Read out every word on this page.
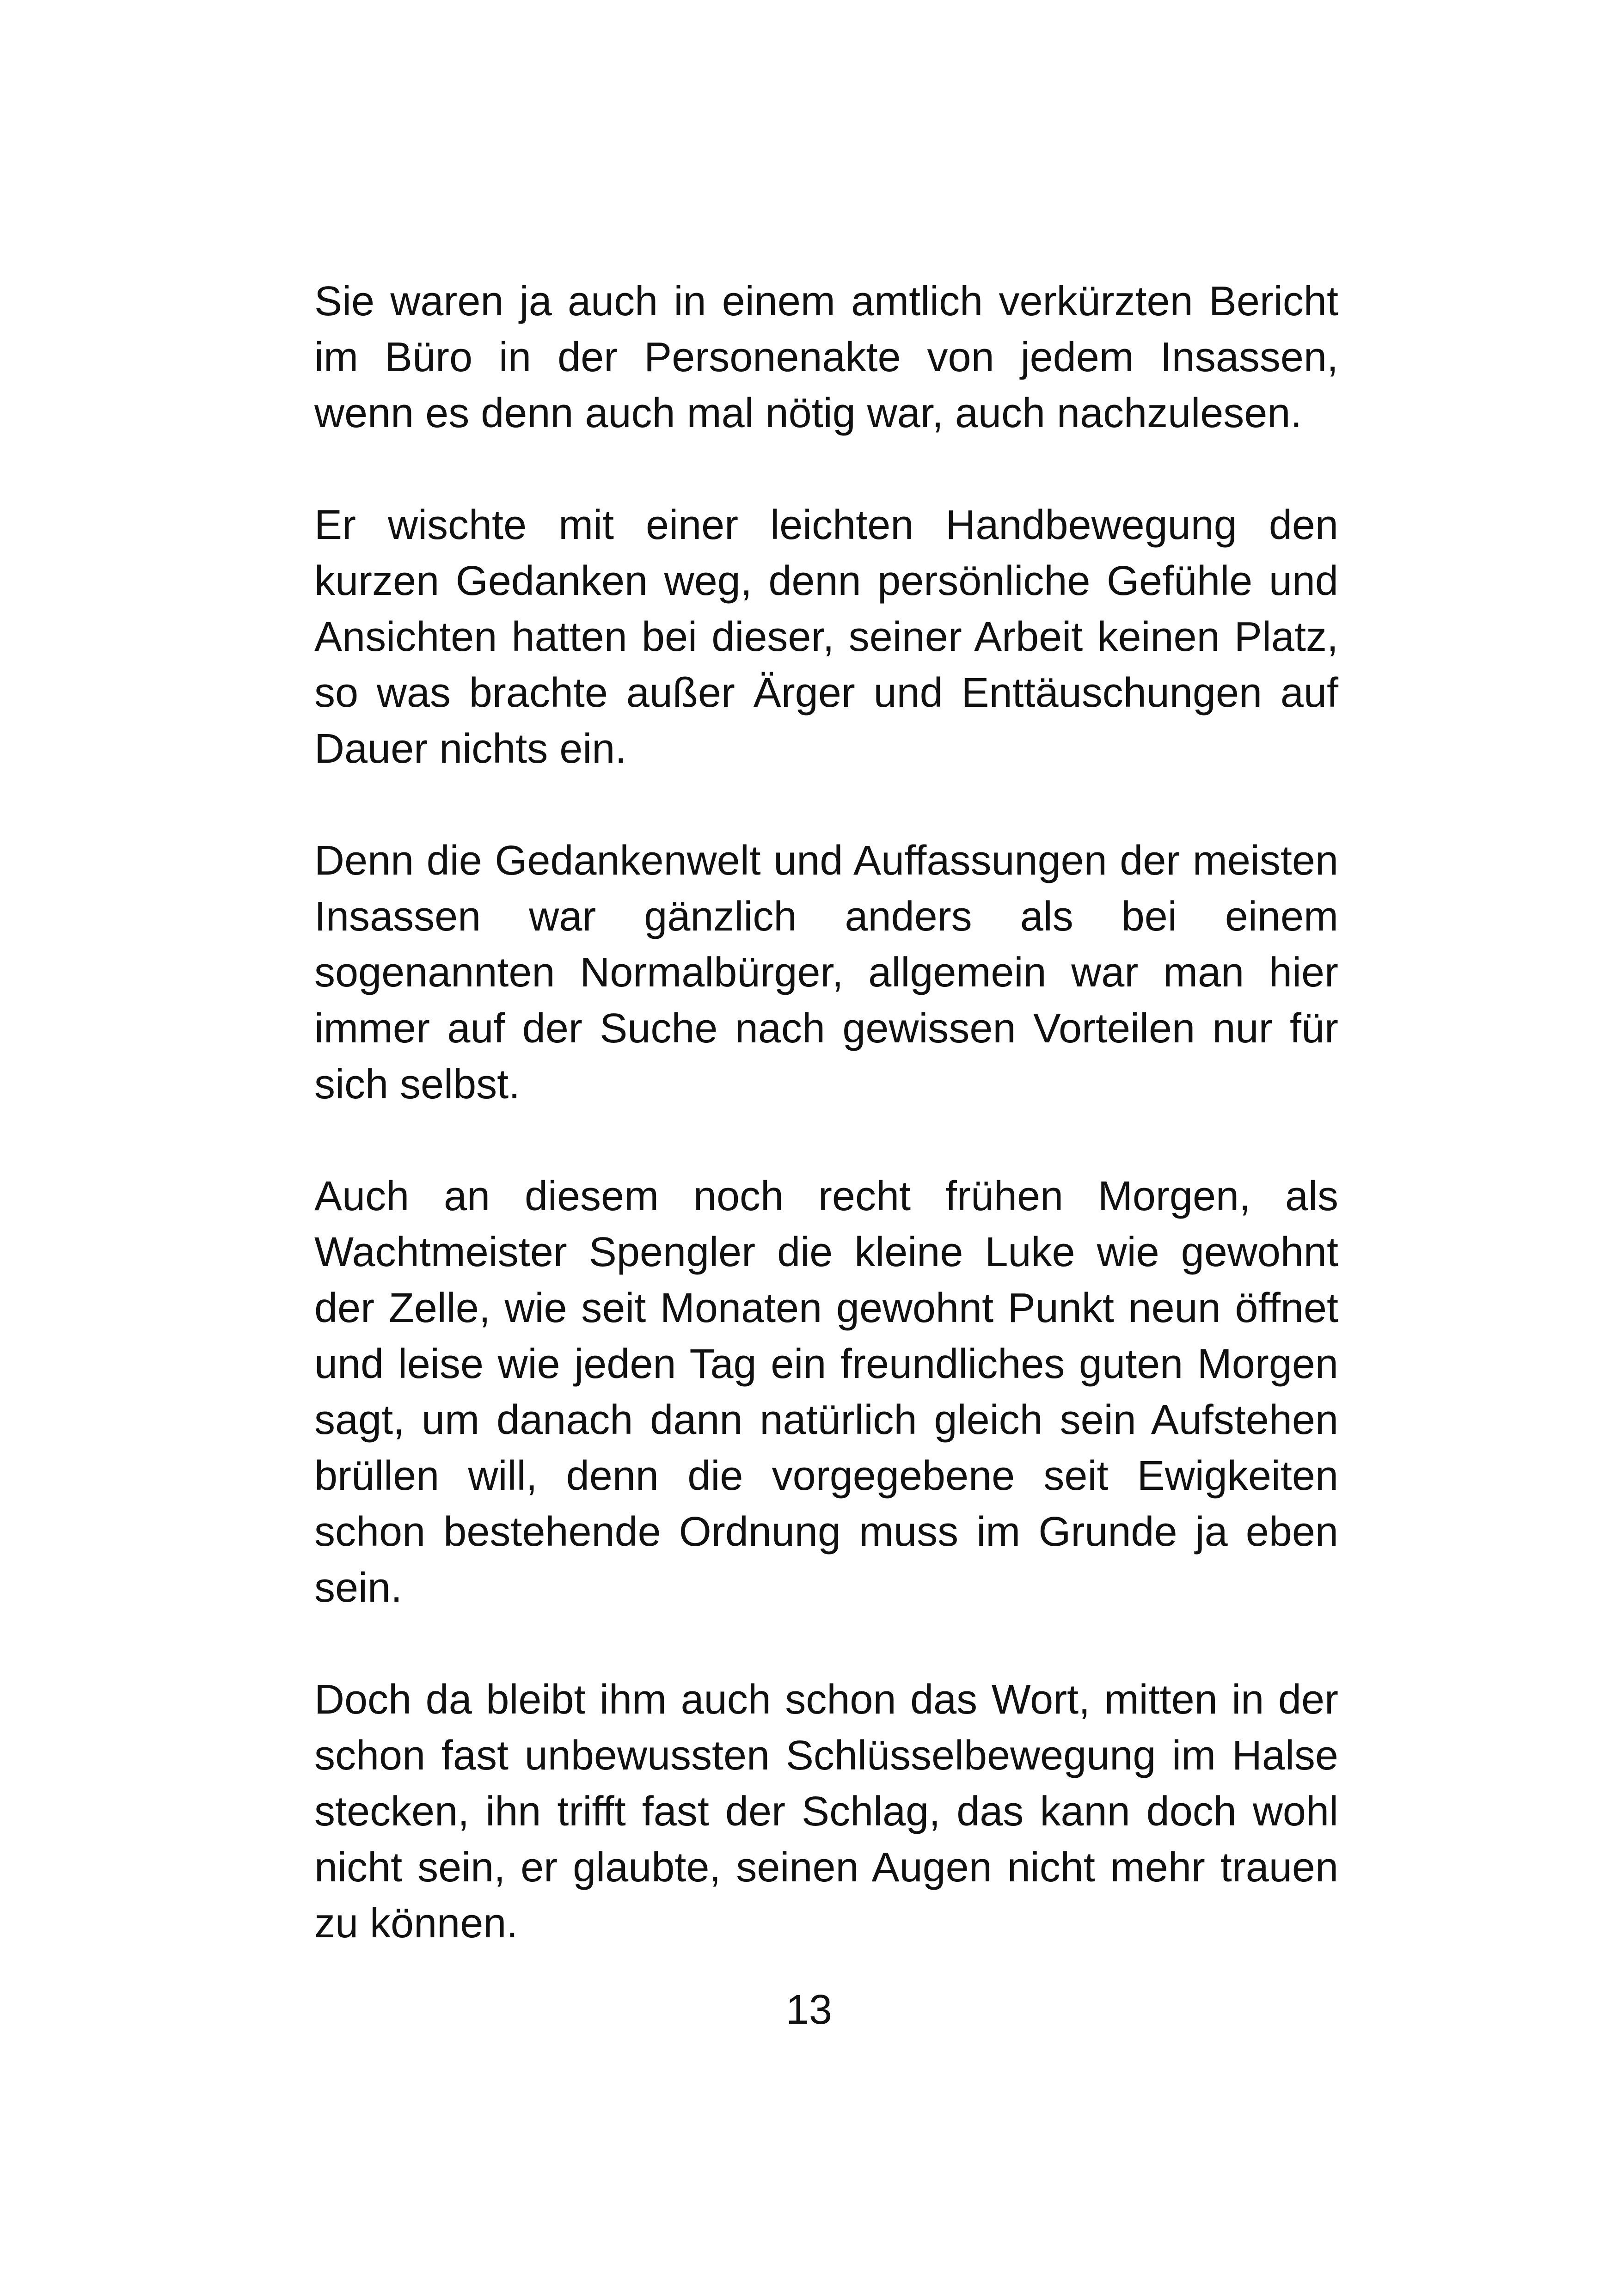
Sie waren ja auch in einem amtlich verkürzten Bericht im Büro in der Personenakte von jedem Insassen, wenn es denn auch mal nötig war, auch nachzulesen.

Er wischte mit einer leichten Handbewegung den kurzen Gedanken weg, denn persönliche Gefühle und Ansichten hatten bei dieser, seiner Arbeit keinen Platz, so was brachte außer Ärger und Enttäuschungen auf Dauer nichts ein.

Denn die Gedankenwelt und Auffassungen der meisten Insassen war gänzlich anders als bei einem sogenannten Normalbürger, allgemein war man hier immer auf der Suche nach gewissen Vorteilen nur für sich selbst.

Auch an diesem noch recht frühen Morgen, als Wachtmeister Spengler die kleine Luke wie gewohnt der Zelle, wie seit Monaten gewohnt Punkt neun öffnet und leise wie jeden Tag ein freundliches guten Morgen sagt, um danach dann natürlich gleich sein Aufstehen brüllen will, denn die vorgegebene seit Ewigkeiten schon bestehende Ordnung muss im Grunde ja eben sein.

Doch da bleibt ihm auch schon das Wort, mitten in der schon fast unbewussten Schlüsselbewegung im Halse stecken, ihn trifft fast der Schlag, das kann doch wohl nicht sein, er glaubte, seinen Augen nicht mehr trauen zu können.

13
